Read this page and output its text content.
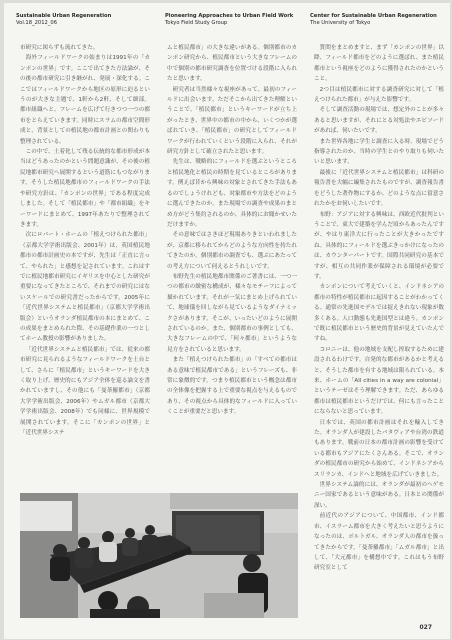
Sustainable Urban Regeneration
Vol.18_2012_06
Pioneering Approaches to Urban Field Work
Tokyo Field Study Group
Center for Sustainable Urban Regeneration
The University of Tokyo

市研究に図らずも流れてきた。

海外フィールドワークの始まりは1991年の「カンポンの世界」です。ここで出てきた方法論が、その後の都市研究に引き継がれ、発展・深化する。ここではフィールドワークから地区の原形に迫るというのが大きな主題で、1軒から2軒、そして細部。都市組織へと、フレームを広げて行きつつ一つの都市をとらえていきます。同時にスラムの都市空間形成と、背景としての植民地の都市計画との関わりも整理されている。

この中で、土着化して残る伝統的な都市形成が本当はどうあったのかという問題意識が、その後の植民地都市研究へ展開するという道筋にもつながります。そうした植民地都市のフィールドワークの手法や研究方針は、「カンポンの世界」である程度完成しました。そして「植民都市」や「都市組織」をキーワードにまとめて、1997年あたりで整理されてきます。

次にロバート・ホームの「植えつけられた都市」（京都大学学術出版会、2001年）は、英国植民地都市の都市計画史の本ですが、先生は「正直に言って、やられた」と感想を記されています。これはすでに植民地都市研究にイギリスを中心とした研究が重要になってきたところで、それまでの研究にはないスケールでの研究書だったからです。2005年に「近代世界システムと植民都市」（京都大学学術出版会）というオランダ植民都市の本にまとめて、この成果をまとめられた際、その基礎作業の一つとしてホーム教授の影響がありました。

「近代世界システムと植民都市」では、従来の都市研究に見られるようなフィールドワークを土台として、さらに「植民都市」というキーワードを大きく取り上げ、歴史的にもアジア全体を巡る論文を書かれていますし、その他にも「曼荼羅都市」（京都大学学術出版会、2006年）やムガル都市（京都大学学術出版会、2008年）でも同様に、世界規模で展開されています。そこに「カンポンの世界」と「近代世界システ

ムと植民都市」の大きな違いがある。個別都市のカンポン研究から、植民都市という大きなフレームの中で個別の都市研究調査を位置づける段階に入られたと思います。

研究者は当然様々な視座があって、最初のフィールドに出会います。ただそこから出てきた理解ということで、「植民都市」というキーワードが立ち上がったとき、世界中の都市の中から、いくつかが選ばれていき、「植民都市」の研究としてフィールドワークが行われていくという段階に入られ、それが研究方針として確立されたと思います。

先生は、戦略的にフィールドを選ぶというところと植民地化と植民の時期を見ているところがあります。例えば昔から興味の対象とされてきた手法もあるのでしょうけれども、対象都市や方法をどのように選んできたのか。また現場での調査や成果のまとめ方がどう集約されるのか、具体的にお聞かせいただけますか。

その意味ではさきほど現場ありきといわれましたが、京都に移られてからどのような方向性を持たれてきたのか。個別都市の調査でも、選ぶにあたっての考え方について伺えるとうれしいです。

布野先生の植民地都市関係のご著書には、一つ一つの都市の緻密な構成が、様々なモチーフによって描かれています。それが一気にまとめ上げられていて、地球儀を回しながら見ているようなダイナミックさがあります。そこが、いったいどのように展開されているのか。また、個別都市の事例としても、大きなフレームの中で、「何々都市」というような見方をされていると思います。

また「植えつけられた都市」の「すべての都市はある意味で植民都市である」というフレーズも、非常に象徴的です。つまり植民都市という概念は都市の全体像を把握する上で重要な視点を与えるものであり、その視点から具体的なフィールドに入っていくことが重要だと思います。

質問をまとめますと、まず「カンポンの世界」以降、フィールド都市をどのように選ばれ、また植民都市という視座をどのように獲得されたのかということ。

2つ目は植民都市に対する調査研究に対して「植えつけられた都市」が与えた影響です。

そして調査活動の現場では、想定外のことが多々あると思いますが、それにとる対処法やエピソードがあれば、伺いたいです。

また世界各地に学生と調査に入る時、現場でどう指導されたのか、当時の学生とのやり取りも伺いたいと思います。

最後に「近代世界システムと植民都市」は科研の報告書を大幅に編集されたものですが、調査報告書をどうした著作物にするか、どのような点に留意されたかをお伺いしたいです。

布野：アジアに対する興味は、西欧近代批判ということで、東大で建築を学んだ頃からあったんですが、やはり東洋大に行ったことが大きかったですね。具体的にフィールドを選ぶきっかけになったのは、カウンターパートです。国際共同研究の基本ですが、相互の共同作業が保障される環境が必要です。

カンポンについて考えていくと、インドネシアの都市の特性が植民都市に起因することがわかってくる。通常の先進国モデルでは捉えきれない現象が数多くある。人口動態も先進国型とは違う。カンポンで既に植民都市という歴史的背景が見えていたんですね。

コロニーは、他の地域を支配し搾取するために建設されるわけです。自発的な都市があるかと考えると、そうした都市を有する地域は限られている。本来、ホームの「All cities in a way are colonial」というテーゼはそう理解できます。ただ、あらゆる都市は植民都市というだけでは、何にも言ったことにならないと思っています。

日本では、英国の都市計画はそれを輸入してきた。オランダ人が建設したバタヴィアや台湾の鉄道もあります。戦前の日本の都市計画の影響を受けている都市もアジアにたくさんある。そこで、オランダの植民都市の研究から始めて、インドネシアからスリランカ、インドへと地域を広げていきました。

世界システム論的には、オランダが最初のヘゲモニー国家であるという意味がある。日本との関係が深い。

前近代のアジアについて、中国都市、インド都市、イスラーム都市を大きく考えたいと思うようになったのは、ポルトガル、オランダ人の都市を扱ってきたからです。「曼荼羅都市」「ムガル都市」と出して、「大元都市」を構想中です。これはもう布野研究室として

027
